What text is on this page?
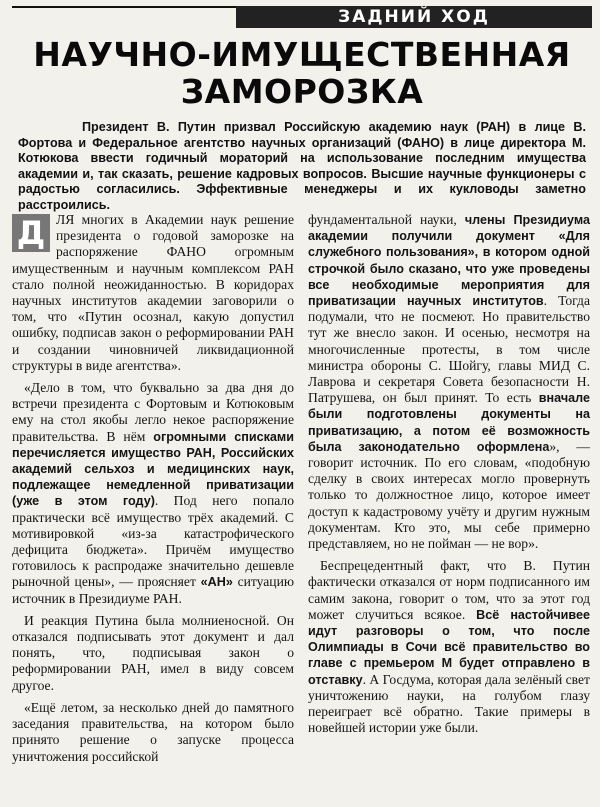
ЗАДНИЙ ХОД
НАУЧНО-ИМУЩЕСТВЕННАЯ
ЗАМОРОЗКА

Президент В. Путин призвал Российскую академию наук (РАН) в лице В. Фортова и Федеральное агентство научных организаций (ФАНО) в лице директора М. Котюкова ввести годичный мораторий на использование последним имущества академии и, так сказать, решение кадровых вопросов. Высшие научные функционеры с радостью согласились. Эффективные менеджеры и их кукловоды заметно расстроились.

Д ЛЯ многих в Академии наук решение президента о годовой заморозке на распоряжение ФАНО огромным имущественным и научным комплексом РАН стало полной неожиданностью. В коридорах научных институтов академии заговорили о том, что «Путин осознал, какую допустил ошибку, подписав закон о реформировании РАН и создании чиновничей ликвидационной структуры в виде агентства».

«Дело в том, что буквально за два дня до встречи президента с Фортовым и Котюковым ему на стол якобы легло некое распоряжение правительства. В нём огромными списками перечисляется имущество РАН, Российских академий сельхоз и медицинских наук, подлежащее немедленной приватизации (уже в этом году). Под него попало практически всё имущество трёх академий. С мотивировкой «из-за катастрофического дефицита бюджета». Причём имущество готовилось к распродаже значительно дешевле рыночной цены», — проясняет «АН» ситуацию источник в Президиуме РАН.

И реакция Путина была молниеносной. Он отказался подписывать этот документ и дал понять, что, подписывая закон о реформировании РАН, имел в виду совсем другое.

«Ещё летом, за несколько дней до памятного заседания правительства, на котором было принято решение о запуске процесса уничтожения российской

фундаментальной науки, члены Президиума академии получили документ «Для служебного пользования», в котором одной строчкой было сказано, что уже проведены все необходимые мероприятия для приватизации научных институтов. Тогда подумали, что не посмеют. Но правительство тут же внесло закон. И осенью, несмотря на многочисленные протесты, в том числе министра обороны С. Шойгу, главы МИД С. Лаврова и секретаря Совета безопасности Н. Патрушева, он был принят. То есть вначале были подготовлены документы на приватизацию, а потом её возможность была законодательно оформлена», — говорит источник. По его словам, «подобную сделку в своих интересах могло провернуть только то должностное лицо, которое имеет доступ к кадастровому учёту и другим нужным документам. Кто это, мы себе примерно представляем, но не пойман — не вор».

Беспрецедентный факт, что В. Путин фактически отказался от норм подписанного им самим закона, говорит о том, что за этот год может случиться всякое. Всё настойчивее идут разговоры о том, что после Олимпиады в Сочи всё правительство во главе с премьером М будет отправлено в отставку. А Госдума, которая дала зелёный свет уничтожению науки, на голубом глазу переиграет всё обратно. Такие примеры в новейшей истории уже были.
